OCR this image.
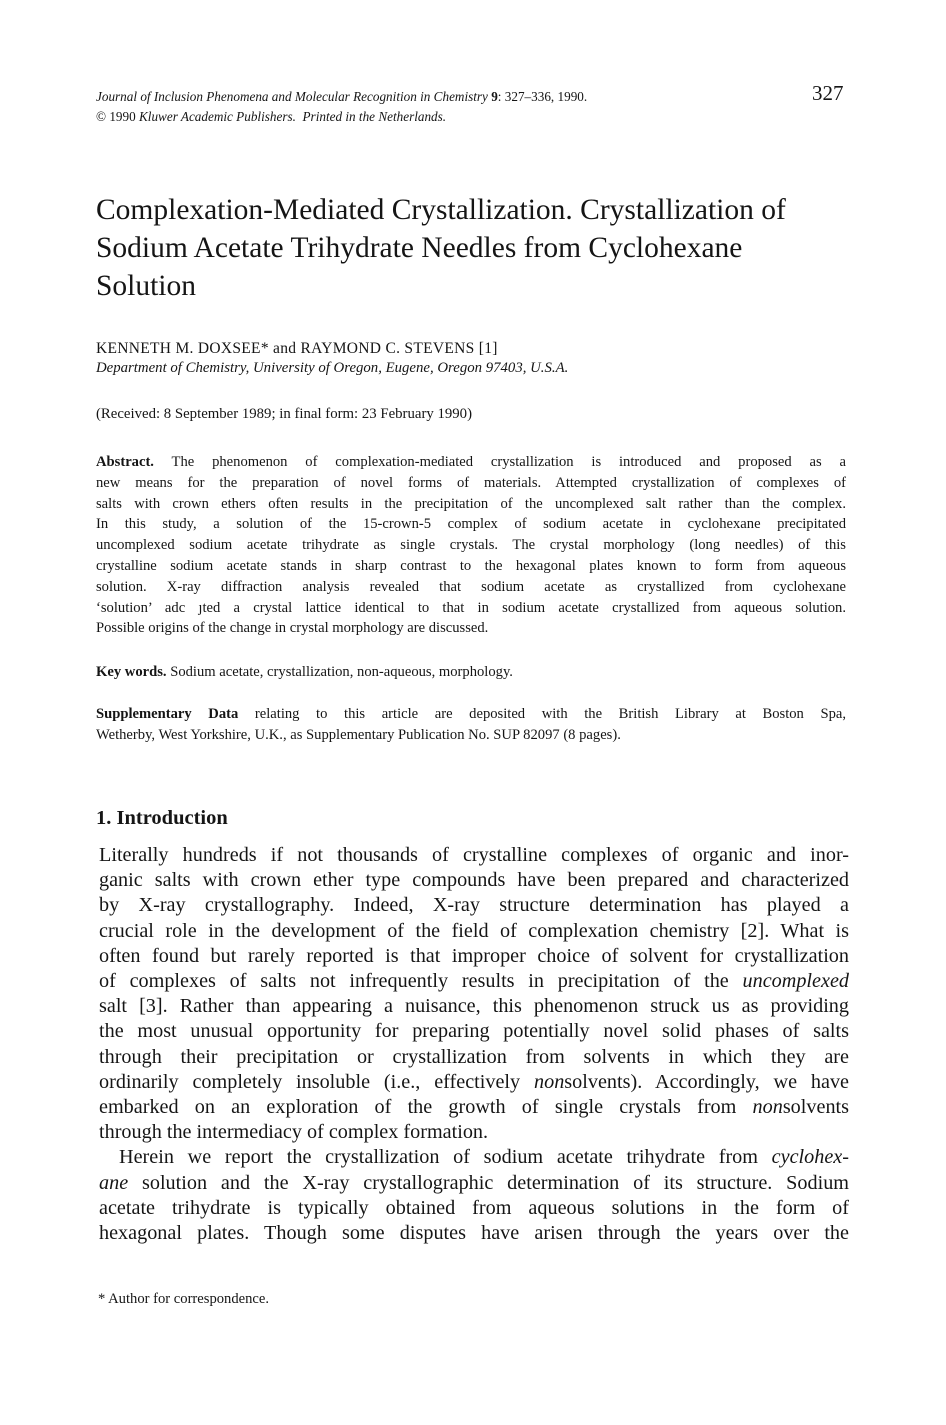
Journal of Inclusion Phenomena and Molecular Recognition in Chemistry 9: 327–336, 1990.
© 1990 Kluwer Academic Publishers. Printed in the Netherlands.
327
Complexation-Mediated Crystallization. Crystallization of
Sodium Acetate Trihydrate Needles from Cyclohexane
Solution
KENNETH M. DOXSEE* and RAYMOND C. STEVENS [1]
Department of Chemistry, University of Oregon, Eugene, Oregon 97403, U.S.A.
(Received: 8 September 1989; in final form: 23 February 1990)
Abstract. The phenomenon of complexation-mediated crystallization is introduced and proposed as a
new means for the preparation of novel forms of materials. Attempted crystallization of complexes of
salts with crown ethers often results in the precipitation of the uncomplexed salt rather than the complex.
In this study, a solution of the 15-crown-5 complex of sodium acetate in cyclohexane precipitated
uncomplexed sodium acetate trihydrate as single crystals. The crystal morphology (long needles) of this
crystalline sodium acetate stands in sharp contrast to the hexagonal plates known to form from aqueous
solution. X-ray diffraction analysis revealed that sodium acetate as crystallized from cyclohexane
‘solution’ adc ȷted a crystal lattice identical to that in sodium acetate crystallized from aqueous solution.
Possible origins of the change in crystal morphology are discussed.
Key words. Sodium acetate, crystallization, non-aqueous, morphology.
Supplementary Data relating to this article are deposited with the British Library at Boston Spa,
Wetherby, West Yorkshire, U.K., as Supplementary Publication No. SUP 82097 (8 pages).
1. Introduction
Literally hundreds if not thousands of crystalline complexes of organic and inor-
ganic salts with crown ether type compounds have been prepared and characterized
by X-ray crystallography. Indeed, X-ray structure determination has played a
crucial role in the development of the field of complexation chemistry [2]. What is
often found but rarely reported is that improper choice of solvent for crystallization
of complexes of salts not infrequently results in precipitation of the uncomplexed
salt [3]. Rather than appearing a nuisance, this phenomenon struck us as providing
the most unusual opportunity for preparing potentially novel solid phases of salts
through their precipitation or crystallization from solvents in which they are
ordinarily completely insoluble (i.e., effectively nonsolvents). Accordingly, we have
embarked on an exploration of the growth of single crystals from nonsolvents
through the intermediacy of complex formation.
Herein we report the crystallization of sodium acetate trihydrate from cyclohex-
ane solution and the X-ray crystallographic determination of its structure. Sodium
acetate trihydrate is typically obtained from aqueous solutions in the form of
hexagonal plates. Though some disputes have arisen through the years over the
* Author for correspondence.
